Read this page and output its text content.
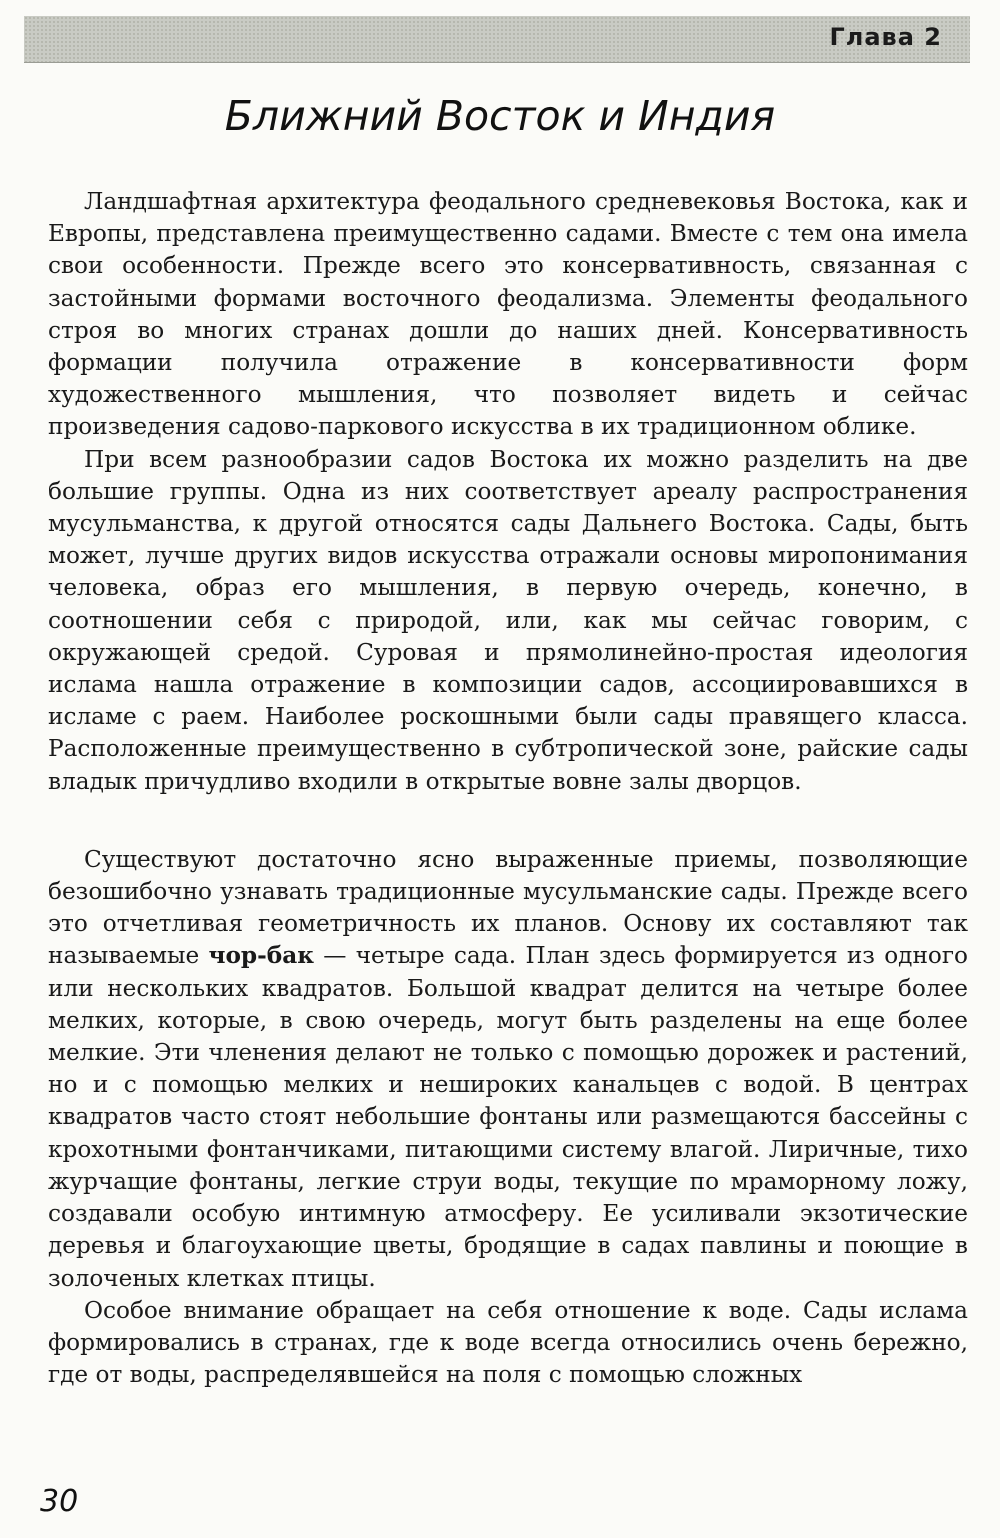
Глава 2
Ближний Восток и Индия

Ландшафтная архитектура феодального средневековья Востока, как и Европы, представлена преимущественно садами. Вместе с тем она имела свои особенности. Прежде всего это консервативность, связанная с застойными формами восточного феодализма. Элементы феодального строя во многих странах дошли до наших дней. Консервативность формации получила отражение в консервативности форм художественного мышления, что позволяет видеть и сейчас произведения садово-паркового искусства в их традиционном облике.

При всем разнообразии садов Востока их можно разделить на две большие группы. Одна из них соответствует ареалу распространения мусульманства, к другой относятся сады Дальнего Востока. Сады, быть может, лучше других видов искусства отражали основы миропонимания человека, образ его мышления, в первую очередь, конечно, в соотношении себя с природой, или, как мы сейчас говорим, с окружающей средой. Суровая и прямолинейно-простая идеология ислама нашла отражение в композиции садов, ассоциировавшихся в исламе с раем. Наиболее роскошными были сады правящего класса. Расположенные преимущественно в субтропической зоне, райские сады владык причудливо входили в открытые вовне залы дворцов.

Существуют достаточно ясно выраженные приемы, позволяющие безошибочно узнавать традиционные мусульманские сады. Прежде всего это отчетливая геометричность их планов. Основу их составляют так называемые чор-бак — четыре сада. План здесь формируется из одного или нескольких квадратов. Большой квадрат делится на четыре более мелких, которые, в свою очередь, могут быть разделены на еще более мелкие. Эти членения делают не только с помощью дорожек и растений, но и с помощью мелких и нешироких канальцев с водой. В центрах квадратов часто стоят небольшие фонтаны или размещаются бассейны с крохотными фонтанчиками, питающими систему влагой. Лиричные, тихо журчащие фонтаны, легкие струи воды, текущие по мраморному ложу, создавали особую интимную атмосферу. Ее усиливали экзотические деревья и благоухающие цветы, бродящие в садах павлины и поющие в золоченых клетках птицы.

Особое внимание обращает на себя отношение к воде. Сады ислама формировались в странах, где к воде всегда относились очень бережно, где от воды, распределявшейся на поля с помощью сложных

30
